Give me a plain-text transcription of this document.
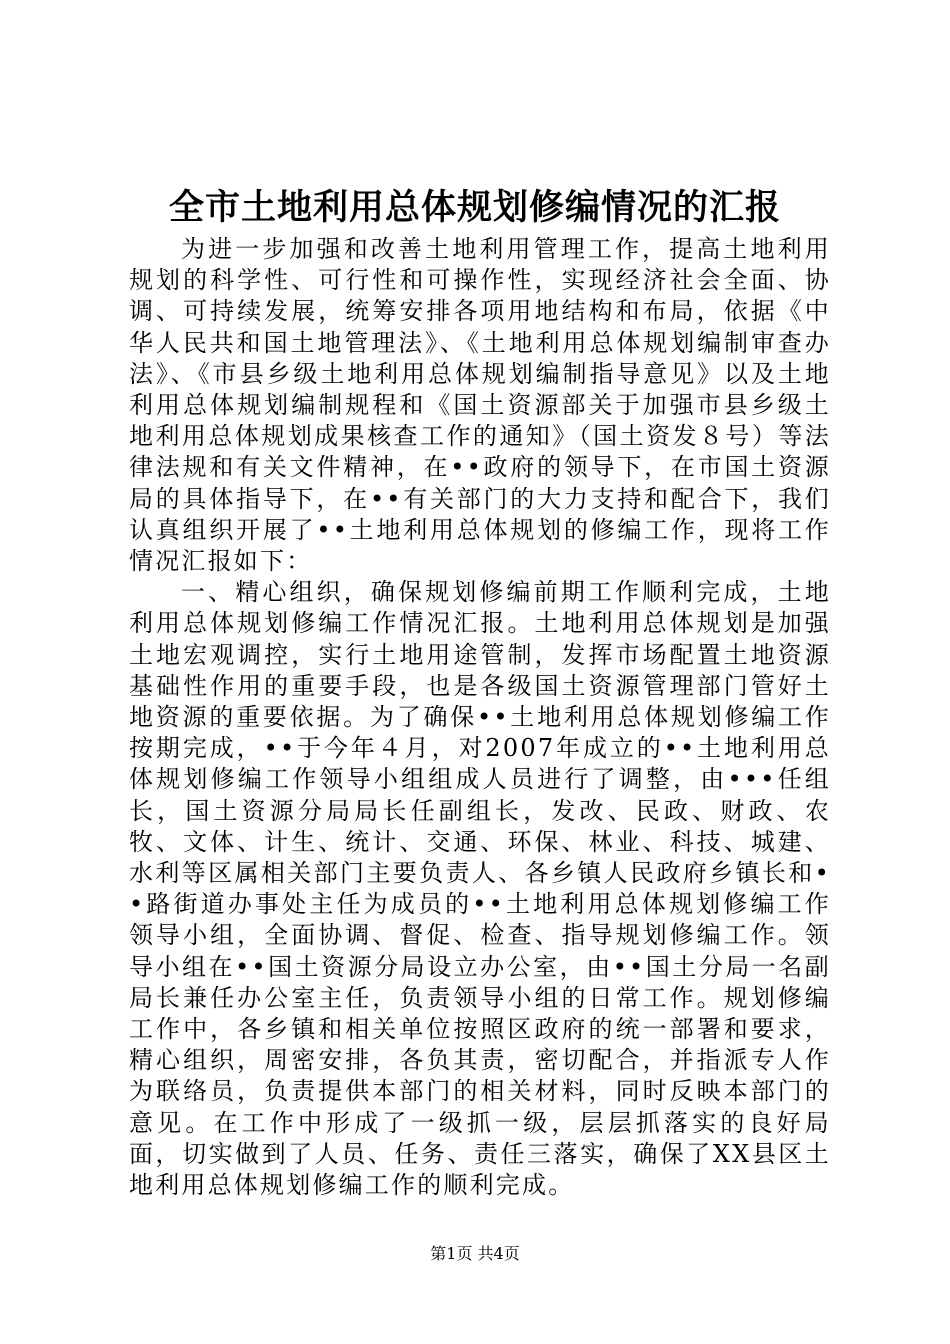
全市土地利用总体规划修编情况的汇报

为进一步加强和改善土地利用管理工作，提高土地利用规划的科学性、可行性和可操作性，实现经济社会全面、协调、可持续发展，统筹安排各项用地结构和布局，依据《中华人民共和国土地管理法》、《土地利用总体规划编制审查办法》、《市县乡级土地利用总体规划编制指导意见》以及土地利用总体规划编制规程和《国土资源部关于加强市县乡级土地利用总体规划成果核查工作的通知》（国土资发８号）等法律法规和有关文件精神，在••政府的领导下，在市国土资源局的具体指导下，在••有关部门的大力支持和配合下，我们认真组织开展了••土地利用总体规划的修编工作，现将工作情况汇报如下：

一、精心组织，确保规划修编前期工作顺利完成，土地利用总体规划修编工作情况汇报。土地利用总体规划是加强土地宏观调控，实行土地用途管制，发挥市场配置土地资源基础性作用的重要手段，也是各级国土资源管理部门管好土地资源的重要依据。为了确保••土地利用总体规划修编工作按期完成，••于今年４月，对2007年成立的••土地利用总体规划修编工作领导小组组成人员进行了调整，由•••任组长，国土资源分局局长任副组长，发改、民政、财政、农牧、文体、计生、统计、交通、环保、林业、科技、城建、水利等区属相关部门主要负责人、各乡镇人民政府乡镇长和••路街道办事处主任为成员的••土地利用总体规划修编工作领导小组，全面协调、督促、检查、指导规划修编工作。领导小组在••国土资源分局设立办公室，由••国土分局一名副局长兼任办公室主任，负责领导小组的日常工作。规划修编工作中，各乡镇和相关单位按照区政府的统一部署和要求，精心组织，周密安排，各负其责，密切配合，并指派专人作为联络员，负责提供本部门的相关材料，同时反映本部门的意见。在工作中形成了一级抓一级，层层抓落实的良好局面，切实做到了人员、任务、责任三落实，确保了XX县区土地利用总体规划修编工作的顺利完成。

第1页 共4页
